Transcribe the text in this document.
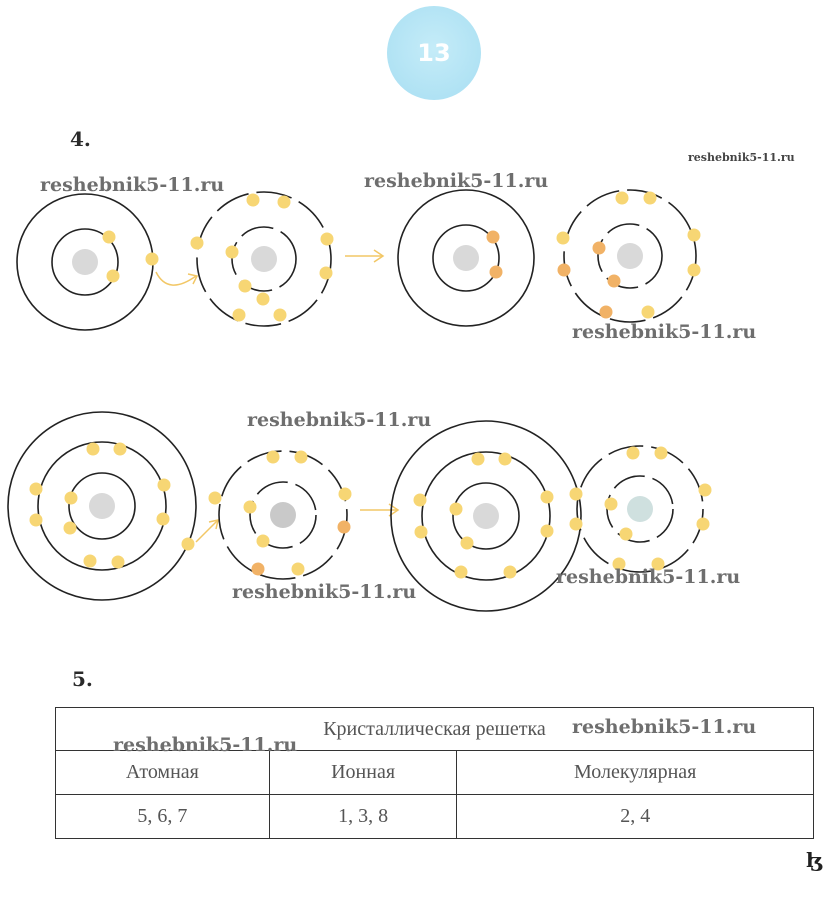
13
4.
5.
reshebnik5-11.ru
reshebnik5-11.ru	reshebnik5-11.ru
reshebnik5-11.ru
reshebnik5-11.ru
reshebnik5-11.ru
reshebnik5-11.ru
reshebnik5-11.ru
reshebnik5-11.ru
Кристаллическая решетка		
Атомная	Ионная	Молекулярная
5, 6, 7	1, 3, 8	2, 4
ɮ
